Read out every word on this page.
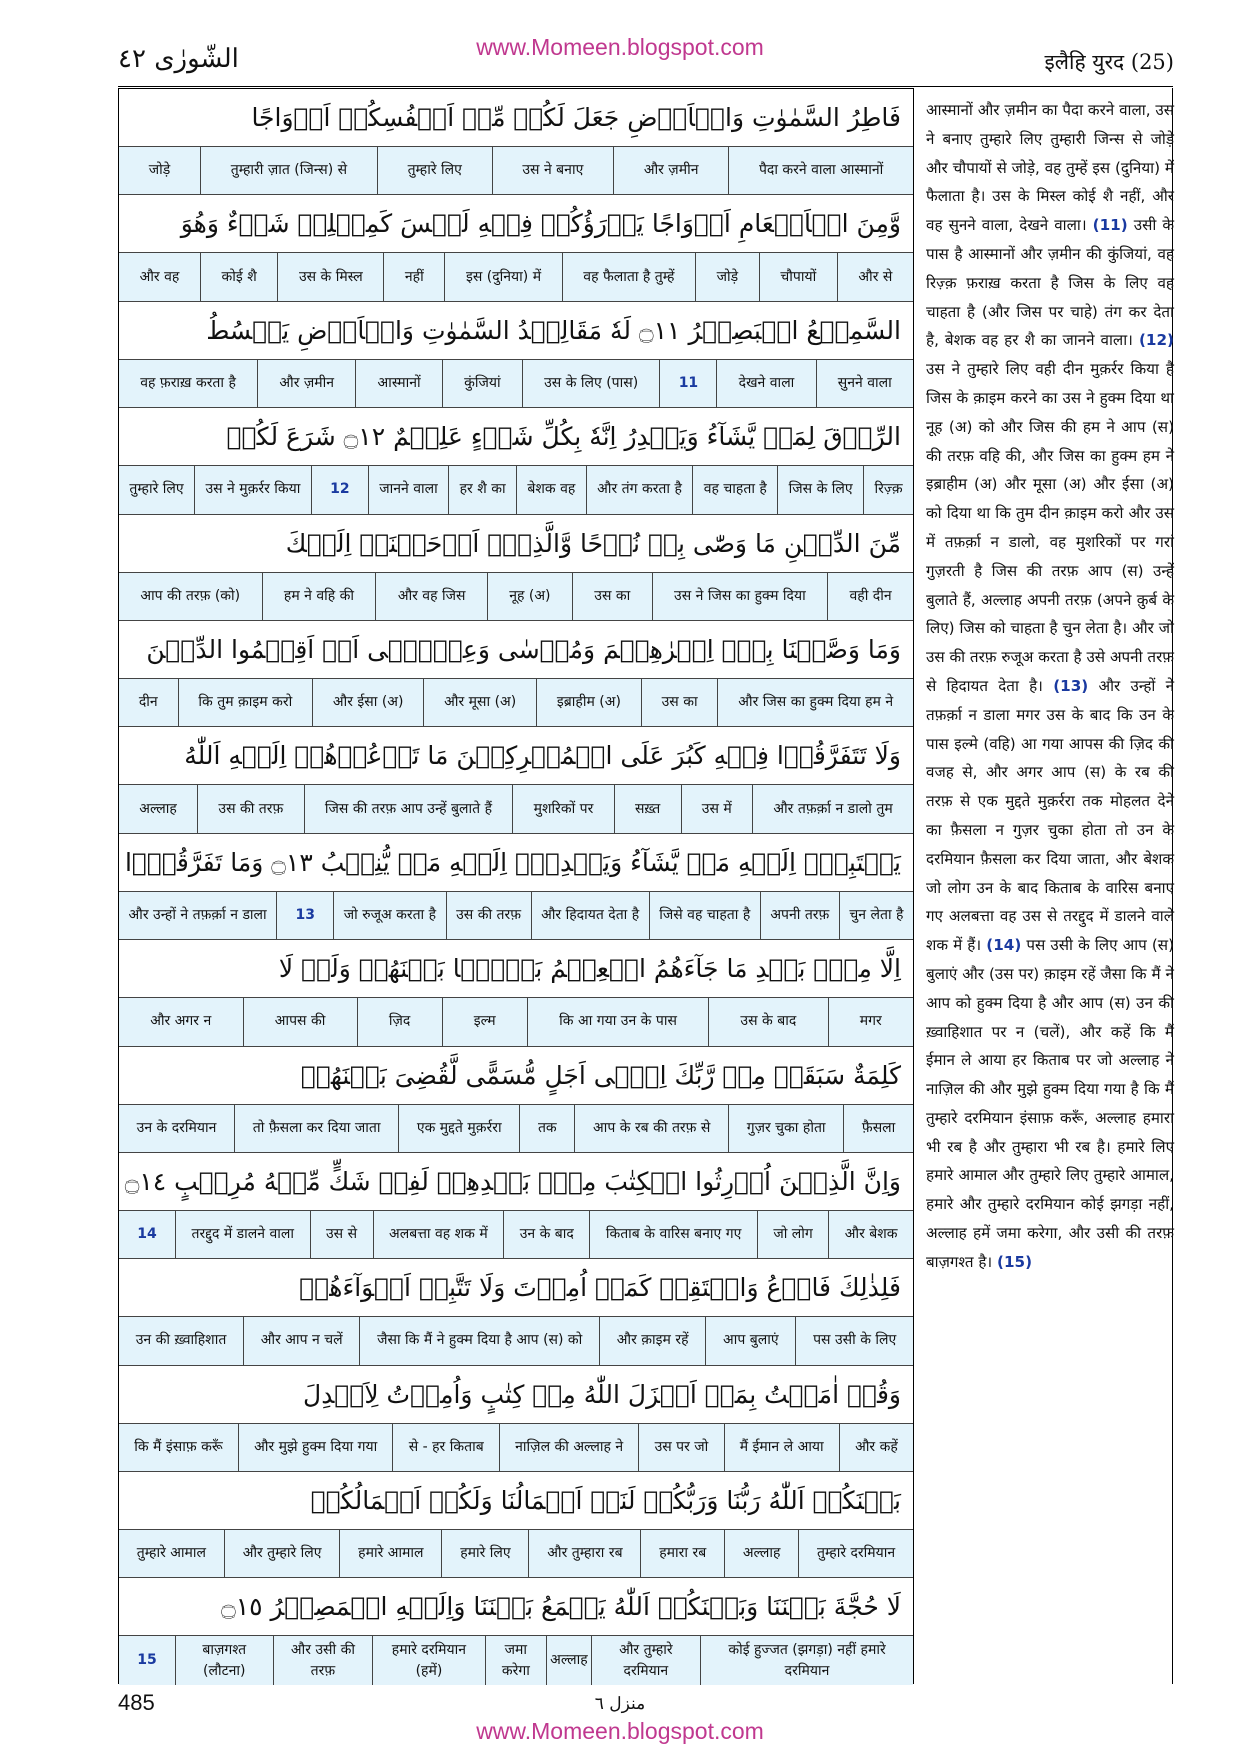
الشّورٰى ٤٢	www.Momeen.blogspot.com
इलैहि युरद (25)
فَاطِرُ السَّمٰوٰتِ وَالۡاَرۡضِ جَعَلَ لَكُمۡ مِّنۡ اَنۡفُسِكُمۡ اَزۡوَاجًا
पैदा करने वाला आस्मानों
और ज़मीन
उस ने बनाए
तुम्हारे लिए
तुम्हारी ज़ात (जिन्स) से
जोड़े
وَّمِنَ الۡاَنۡعَامِ اَزۡوَاجًا يَذۡرَؤُكُمۡ فِيۡهِ لَيۡسَ كَمِثۡلِهٖ شَيۡءٌ وَهُوَ
और से
चौपायों
जोड़े
वह फैलाता है तुम्हें
इस (दुनिया) में
नहीं
उस के मिस्ल
कोई शै
और वह
السَّمِيۡعُ الۡبَصِيۡرُ ۝١١ لَهٗ مَقَالِيۡدُ السَّمٰوٰتِ وَالۡاَرۡضِ يَبۡسُطُ
सुनने वाला
देखने वाला
11
उस के लिए (पास)
कुंजियां
आस्मानों
और ज़मीन
वह फ़राख़ करता है
الرِّزۡقَ لِمَنۡ يَّشَآءُ وَيَقۡدِرُ اِنَّهٗ بِكُلِّ شَيۡءٍ عَلِيۡمٌ ۝١٢ شَرَعَ لَكُمۡ
रिज़्क़
जिस के लिए
वह चाहता है
और तंग करता है
बेशक वह
हर शै का
जानने वाला
12
उस ने मुक़र्रर किया
तुम्हारे लिए
مِّنَ الدِّيۡنِ مَا وَصّٰى بِهٖ نُوۡحًا وَّالَّذِيۡۤ اَوۡحَيۡنَاۤ اِلَيۡكَ
वही दीन
उस ने जिस का हुक्म दिया
उस का
नूह (अ)
और वह जिस
हम ने वहि की
आप की तरफ़ (को)
وَمَا وَصَّيۡنَا بِهٖۤ اِبۡرٰهِيۡمَ وَمُوۡسٰى وَعِيۡسٰۤى اَنۡ اَقِيۡمُوا الدِّيۡنَ
और जिस का हुक्म दिया हम ने
उस का
इब्राहीम (अ)
और मूसा (अ)
और ईसा (अ)
कि तुम क़ाइम करो
दीन
وَلَا تَتَفَرَّقُوۡا فِيۡهِ كَبُرَ عَلَى الۡمُشۡرِكِيۡنَ مَا تَدۡعُوۡهُمۡ اِلَيۡهِ اَللّٰهُ
और तफ़र्क़ा न डालो तुम
उस में
सख़्त
मुशरिकों पर
जिस की तरफ़ आप उन्हें बुलाते हैं
उस की तरफ़
अल्लाह
يَجۡتَبِيۡۤ اِلَيۡهِ مَنۡ يَّشَآءُ وَيَهۡدِيۡۤ اِلَيۡهِ مَنۡ يُّنِيۡبُ ۝١٣ وَمَا تَفَرَّقُوۡۤا
चुन लेता है
अपनी तरफ़
जिसे वह चाहता है
और हिदायत देता है
उस की तरफ़
जो रुजूअ करता है
13
और उन्हों ने तफ़र्क़ा न डाला
اِلَّا مِنۡۢ بَعۡدِ مَا جَآءَهُمُ الۡعِلۡمُ بَغۡيًۢا بَيۡنَهُمۡ وَلَوۡ لَا
मगर
उस के बाद
कि आ गया उन के पास
इल्म
ज़िद
आपस की
और अगर न
كَلِمَةٌ سَبَقَتۡ مِنۡ رَّبِّكَ اِلٰۤى اَجَلٍ مُّسَمًّى لَّقُضِىَ بَيۡنَهُمۡ
फ़ैसला
गुज़र चुका होता
आप के रब की तरफ़ से
तक
एक मुद्दते मुक़र्ररा
तो फ़ैसला कर दिया जाता
उन के दरमियान
وَاِنَّ الَّذِيۡنَ اُوۡرِثُوا الۡكِتٰبَ مِنۡۢ بَعۡدِهِمۡ لَفِىۡ شَكٍّ مِّنۡهُ مُرِيۡبٍ ۝١٤
और बेशक
जो लोग
किताब के वारिस बनाए गए
उन के बाद
अलबत्ता वह शक में
उस से
तरद्दुद में डालने वाला
14
فَلِذٰلِكَ فَادۡعُ وَاسۡتَقِمۡ كَمَاۤ اُمِرۡتَ وَلَا تَتَّبِعۡ اَهۡوَآءَهُمۡ
पस उसी के लिए
आप बुलाएं
और क़ाइम रहें
जैसा कि मैं ने हुक्म दिया है आप (स) को
और आप न चलें
उन की ख़्वाहिशात
وَقُلۡ اٰمَنۡتُ بِمَاۤ اَنۡزَلَ اللّٰهُ مِنۡ كِتٰبٍ وَاُمِرۡتُ لِاَعۡدِلَ
और कहें
मैं ईमान ले आया
उस पर जो
नाज़िल की अल्लाह ने
से - हर किताब
और मुझे हुक्म दिया गया
कि मैं इंसाफ़ करूँ
بَيۡنَكُمۡ اَللّٰهُ رَبُّنَا وَرَبُّكُمۡ لَنَاۤ اَعۡمَالُنَا وَلَكُمۡ اَعۡمَالُكُمۡ
तुम्हारे दरमियान
अल्लाह
हमारा रब
और तुम्हारा रब
हमारे लिए
हमारे आमाल
और तुम्हारे लिए
तुम्हारे आमाल
لَا حُجَّةَ بَيۡنَنَا وَبَيۡنَكُمۡ اَللّٰهُ يَجۡمَعُ بَيۡنَنَا وَاِلَيۡهِ الۡمَصِيۡرُ ۝١٥
कोई हुज्जत (झगड़ा) नहीं हमारे दरमियान
और तुम्हारे दरमियान
अल्लाह
जमा करेगा
हमारे दरमियान (हमें)
और उसी की तरफ़
बाज़गश्त (लौटना)
15
आस्मानों और ज़मीन का पैदा करने वाला, उस ने बनाए तुम्हारे लिए तुम्हारी जिन्स से जोड़े और चौपायों से जोड़े, वह तुम्हें इस (दुनिया) में फैलाता है। उस के मिस्ल कोई शै नहीं, और वह सुनने वाला, देखने वाला। (11) उसी के पास है आस्मानों और ज़मीन की कुंजियां, वह रिज़्क़ फ़राख़ करता है जिस के लिए वह चाहता है (और जिस पर चाहे) तंग कर देता है, बेशक वह हर शै का जानने वाला। (12) उस ने तुम्हारे लिए वही दीन मुक़र्रर किया है जिस के क़ाइम करने का उस ने हुक्म दिया था नूह (अ) को और जिस की हम ने आप (स) की तरफ़ वहि की, और जिस का हुक्म हम ने इब्राहीम (अ) और मूसा (अ) और ईसा (अ) को दिया था कि तुम दीन क़ाइम करो और उस में तफ़र्क़ा न डालो, वह मुशरिकों पर गरां गुज़रती है जिस की तरफ़ आप (स) उन्हें बुलाते हैं, अल्लाह अपनी तरफ़ (अपने क़ुर्ब के लिए) जिस को चाहता है चुन लेता है। और जो उस की तरफ़ रुजूअ करता है उसे अपनी तरफ़ से हिदायत देता है। (13) और उन्हों ने तफ़र्क़ा न डाला मगर उस के बाद कि उन के पास इल्मे (वहि) आ गया आपस की ज़िद की वजह से, और अगर आप (स) के रब की तरफ़ से एक मुद्दते मुक़र्ररा तक मोहलत देने का फ़ैसला न गुज़र चुका होता तो उन के दरमियान फ़ैसला कर दिया जाता, और बेशक जो लोग उन के बाद किताब के वारिस बनाए गए अलबत्ता वह उस से तरद्दुद में डालने वाले शक में हैं। (14) पस उसी के लिए आप (स) बुलाएं और (उस पर) क़ाइम रहें जैसा कि मैं ने आप को हुक्म दिया है और आप (स) उन की ख़्वाहिशात पर न (चलें), और कहें कि मैं ईमान ले आया हर किताब पर जो अल्लाह ने नाज़िल की और मुझे हुक्म दिया गया है कि मैं तुम्हारे दरमियान इंसाफ़ करूँ, अल्लाह हमारा भी रब है और तुम्हारा भी रब है। हमारे लिए हमारे आमाल और तुम्हारे लिए तुम्हारे आमाल, हमारे और तुम्हारे दरमियान कोई झगड़ा नहीं, अल्लाह हमें जमा करेगा, और उसी की तरफ़ बाज़गश्त है। (15)
485	منزل ٦
www.Momeen.blogspot.com
